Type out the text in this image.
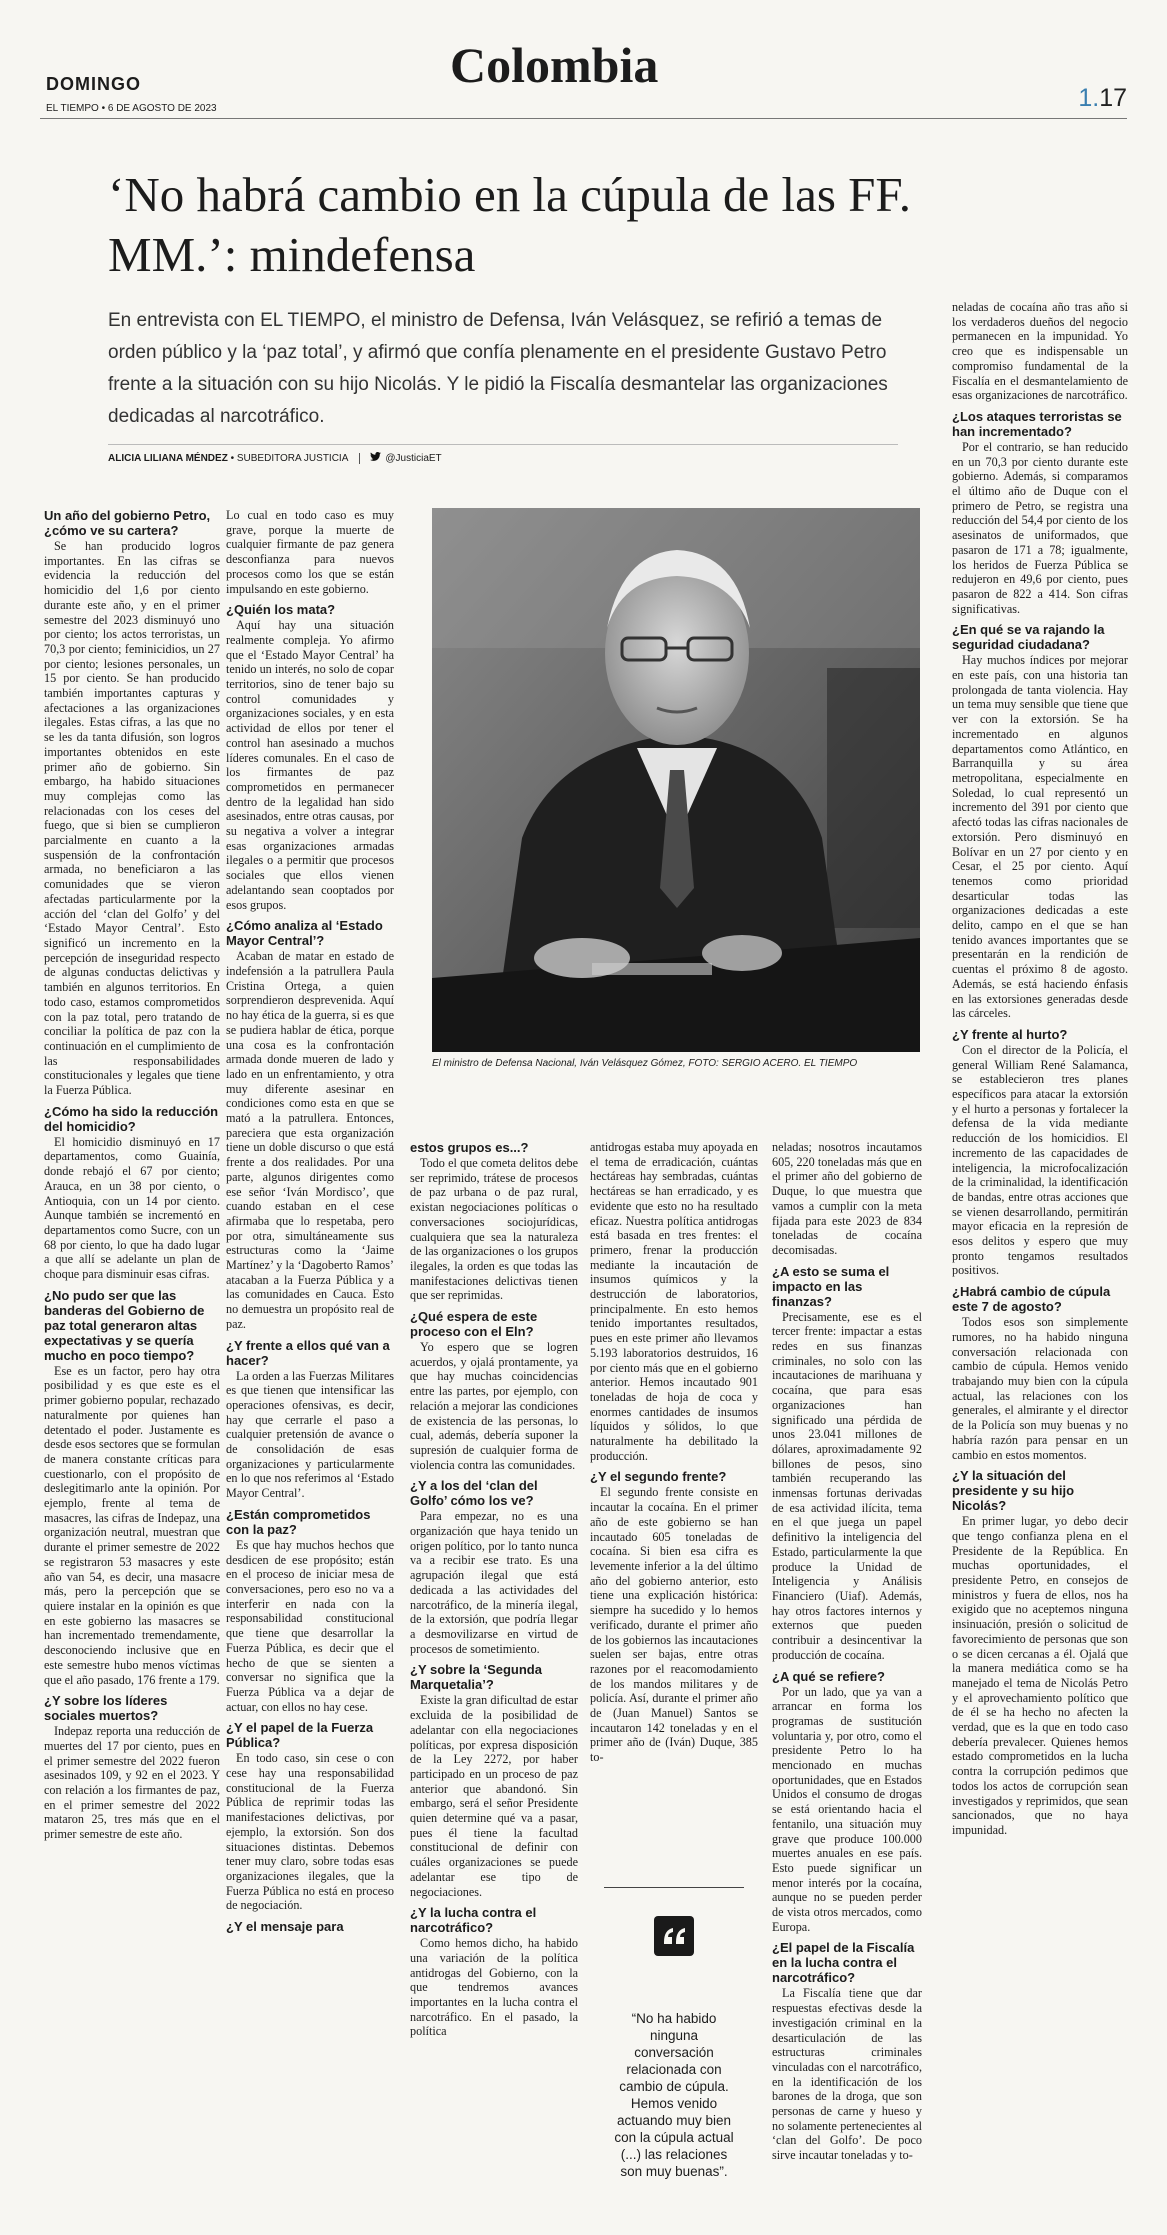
DOMINGO	Colombia
1.17
EL TIEMPO • 6 DE AGOSTO DE 2023
‘No habrá cambio en la cúpula de las FF. MM.’: mindefensa
En entrevista con EL TIEMPO, el ministro de Defensa, Iván Velásquez, se refirió a temas de orden público y la ‘paz total’, y afirmó que confía plenamente en el presidente Gustavo Petro frente a la situación con su hijo Nicolás. Y le pidió la Fiscalía desmantelar las organizaciones dedicadas al narcotráfico.
ALICIA LILIANA MÉNDEZ • SUBEDITORA JUSTICIA	@JusticiaET
El ministro de Defensa Nacional, Iván Velásquez Gómez, FOTO: SERGIO ACERO. EL TIEMPO
Un año del gobierno Petro, ¿cómo ve su cartera?

Se han producido logros importantes. En las cifras se evidencia la reducción del homicidio del 1,6 por ciento durante este año, y en el primer semestre del 2023 disminuyó uno por ciento; los actos terroristas, un 70,3 por ciento; feminicidios, un 27 por ciento; lesiones personales, un 15 por ciento. Se han producido también importantes capturas y afectaciones a las organizaciones ilegales. Estas cifras, a las que no se les da tanta difusión, son logros importantes obtenidos en este primer año de gobierno. Sin embargo, ha habido situaciones muy complejas como las relacionadas con los ceses del fuego, que si bien se cumplieron parcialmente en cuanto a la suspensión de la confrontación armada, no beneficiaron a las comunidades que se vieron afectadas particularmente por la acción del ‘clan del Golfo’ y del ‘Estado Mayor Central’. Esto significó un incremento en la percepción de inseguridad respecto de algunas conductas delictivas y también en algunos territorios. En todo caso, estamos comprometidos con la paz total, pero tratando de conciliar la política de paz con la continuación en el cumplimiento de las responsabilidades constitucionales y legales que tiene la Fuerza Pública.

¿Cómo ha sido la reducción del homicidio?

El homicidio disminuyó en 17 departamentos, como Guainía, donde rebajó el 67 por ciento; Arauca, en un 38 por ciento, o Antioquia, con un 14 por ciento. Aunque también se incrementó en departamentos como Sucre, con un 68 por ciento, lo que ha dado lugar a que allí se adelante un plan de choque para disminuir esas cifras.

¿No pudo ser que las banderas del Gobierno de paz total generaron altas expectativas y se quería mucho en poco tiempo?

Ese es un factor, pero hay otra posibilidad y es que este es el primer gobierno popular, rechazado naturalmente por quienes han detentado el poder. Justamente es desde esos sectores que se formulan de manera constante críticas para cuestionarlo, con el propósito de deslegitimarlo ante la opinión. Por ejemplo, frente al tema de masacres, las cifras de Indepaz, una organización neutral, muestran que durante el primer semestre de 2022 se registraron 53 masacres y este año van 54, es decir, una masacre más, pero la percepción que se quiere instalar en la opinión es que en este gobierno las masacres se han incrementado tremendamente, desconociendo inclusive que en este semestre hubo menos víctimas que el año pasado, 176 frente a 179.

¿Y sobre los líderes sociales muertos?

Indepaz reporta una reducción de muertes del 17 por ciento, pues en el primer semestre del 2022 fueron asesinados 109, y 92 en el 2023. Y con relación a los firmantes de paz, en el primer semestre del 2022 mataron 25, tres más que en el primer semestre de este año.

Lo cual en todo caso es muy grave, porque la muerte de cualquier firmante de paz genera desconfianza para nuevos procesos como los que se están impulsando en este gobierno.

¿Quién los mata?

Aquí hay una situación realmente compleja. Yo afirmo que el ‘Estado Mayor Central’ ha tenido un interés, no solo de copar territorios, sino de tener bajo su control comunidades y organizaciones sociales, y en esta actividad de ellos por tener el control han asesinado a muchos líderes comunales. En el caso de los firmantes de paz comprometidos en permanecer dentro de la legalidad han sido asesinados, entre otras causas, por su negativa a volver a integrar esas organizaciones armadas ilegales o a permitir que procesos sociales que ellos vienen adelantando sean cooptados por esos grupos.

¿Cómo analiza al ‘Estado Mayor Central’?

Acaban de matar en estado de indefensión a la patrullera Paula Cristina Ortega, a quien sorprendieron desprevenida. Aquí no hay ética de la guerra, si es que se pudiera hablar de ética, porque una cosa es la confrontación armada donde mueren de lado y lado en un enfrentamiento, y otra muy diferente asesinar en condiciones como esta en que se mató a la patrullera. Entonces, pareciera que esta organización tiene un doble discurso o que está frente a dos realidades. Por una parte, algunos dirigentes como ese señor ‘Iván Mordisco’, que cuando estaban en el cese afirmaba que lo respetaba, pero por otra, simultáneamente sus estructuras como la ‘Jaime Martínez’ y la ‘Dagoberto Ramos’ atacaban a la Fuerza Pública y a las comunidades en Cauca. Esto no demuestra un propósito real de paz.

¿Y frente a ellos qué van a hacer?

La orden a las Fuerzas Militares es que tienen que intensificar las operaciones ofensivas, es decir, hay que cerrarle el paso a cualquier pretensión de avance o de consolidación de esas organizaciones y particularmente en lo que nos referimos al ‘Estado Mayor Central’.

¿Están comprometidos con la paz?

Es que hay muchos hechos que desdicen de ese propósito; están en el proceso de iniciar mesa de conversaciones, pero eso no va a interferir en nada con la responsabilidad constitucional que tiene que desarrollar la Fuerza Pública, es decir que el hecho de que se sienten a conversar no significa que la Fuerza Pública va a dejar de actuar, con ellos no hay cese.

¿Y el papel de la Fuerza Pública?

En todo caso, sin cese o con cese hay una responsabilidad constitucional de la Fuerza Pública de reprimir todas las manifestaciones delictivas, por ejemplo, la extorsión. Son dos situaciones distintas. Debemos tener muy claro, sobre todas esas organizaciones ilegales, que la Fuerza Pública no está en proceso de negociación.

¿Y el mensaje para
estos grupos es...?

Todo el que cometa delitos debe ser reprimido, trátese de procesos de paz urbana o de paz rural, existan negociaciones políticas o conversaciones sociojurídicas, cualquiera que sea la naturaleza de las organizaciones o los grupos ilegales, la orden es que todas las manifestaciones delictivas tienen que ser reprimidas.

¿Qué espera de este proceso con el Eln?

Yo espero que se logren acuerdos, y ojalá prontamente, ya que hay muchas coincidencias entre las partes, por ejemplo, con relación a mejorar las condiciones de existencia de las personas, lo cual, además, debería suponer la supresión de cualquier forma de violencia contra las comunidades.

¿Y a los del ‘clan del Golfo’ cómo los ve?

Para empezar, no es una organización que haya tenido un origen político, por lo tanto nunca va a recibir ese trato. Es una agrupación ilegal que está dedicada a las actividades del narcotráfico, de la minería ilegal, de la extorsión, que podría llegar a desmovilizarse en virtud de procesos de sometimiento.

¿Y sobre la ‘Segunda Marquetalia’?

Existe la gran dificultad de estar excluida de la posibilidad de adelantar con ella negociaciones políticas, por expresa disposición de la Ley 2272, por haber participado en un proceso de paz anterior que abandonó. Sin embargo, será el señor Presidente quien determine qué va a pasar, pues él tiene la facultad constitucional de definir con cuáles organizaciones se puede adelantar ese tipo de negociaciones.

¿Y la lucha contra el narcotráfico?

Como hemos dicho, ha habido una variación de la política antidrogas del Gobierno, con la que tendremos avances importantes en la lucha contra el narcotráfico. En el pasado, la política

antidrogas estaba muy apoyada en el tema de erradicación, cuántas hectáreas hay sembradas, cuántas hectáreas se han erradicado, y es evidente que esto no ha resultado eficaz. Nuestra política antidrogas está basada en tres frentes: el primero, frenar la producción mediante la incautación de insumos químicos y la destrucción de laboratorios, principalmente. En esto hemos tenido importantes resultados, pues en este primer año llevamos 5.193 laboratorios destruidos, 16 por ciento más que en el gobierno anterior. Hemos incautado 901 toneladas de hoja de coca y enormes cantidades de insumos líquidos y sólidos, lo que naturalmente ha debilitado la producción.

¿Y el segundo frente?

El segundo frente consiste en incautar la cocaína. En el primer año de este gobierno se han incautado 605 toneladas de cocaína. Si bien esa cifra es levemente inferior a la del último año del gobierno anterior, esto tiene una explicación histórica: siempre ha sucedido y lo hemos verificado, durante el primer año de los gobiernos las incautaciones suelen ser bajas, entre otras razones por el reacomodamiento de los mandos militares y de policía. Así, durante el primer año de (Juan Manuel) Santos se incautaron 142 toneladas y en el primer año de (Iván) Duque, 385 to-

“No ha habido ninguna conversación relacionada con cambio de cúpula. Hemos venido actuando muy bien con la cúpula actual (...) las relaciones son muy buenas”.

neladas; nosotros incautamos 605, 220 toneladas más que en el primer año del gobierno de Duque, lo que muestra que vamos a cumplir con la meta fijada para este 2023 de 834 toneladas de cocaína decomisadas.

¿A esto se suma el impacto en las finanzas?

Precisamente, ese es el tercer frente: impactar a estas redes en sus finanzas criminales, no solo con las incautaciones de marihuana y cocaína, que para esas organizaciones han significado una pérdida de unos 23.041 millones de dólares, aproximadamente 92 billones de pesos, sino también recuperando las inmensas fortunas derivadas de esa actividad ilícita, tema en el que juega un papel definitivo la inteligencia del Estado, particularmente la que produce la Unidad de Inteligencia y Análisis Financiero (Uiaf). Además, hay otros factores internos y externos que pueden contribuir a desincentivar la producción de cocaína.

¿A qué se refiere?

Por un lado, que ya van a arrancar en forma los programas de sustitución voluntaria y, por otro, como el presidente Petro lo ha mencionado en muchas oportunidades, que en Estados Unidos el consumo de drogas se está orientando hacia el fentanilo, una situación muy grave que produce 100.000 muertes anuales en ese país. Esto puede significar un menor interés por la cocaína, aunque no se pueden perder de vista otros mercados, como Europa.

¿El papel de la Fiscalía en la lucha contra el narcotráfico?

La Fiscalía tiene que dar respuestas efectivas desde la investigación criminal en la desarticulación de las estructuras criminales vinculadas con el narcotráfico, en la identificación de los barones de la droga, que son personas de carne y hueso y no solamente pertenecientes al ‘clan del Golfo’. De poco sirve incautar toneladas y to-

neladas de cocaína año tras año si los verdaderos dueños del negocio permanecen en la impunidad. Yo creo que es indispensable un compromiso fundamental de la Fiscalía en el desmantelamiento de esas organizaciones de narcotráfico.

¿Los ataques terroristas se han incrementado?

Por el contrario, se han reducido en un 70,3 por ciento durante este gobierno. Además, si comparamos el último año de Duque con el primero de Petro, se registra una reducción del 54,4 por ciento de los asesinatos de uniformados, que pasaron de 171 a 78; igualmente, los heridos de Fuerza Pública se redujeron en 49,6 por ciento, pues pasaron de 822 a 414. Son cifras significativas.

¿En qué se va rajando la seguridad ciudadana?

Hay muchos índices por mejorar en este país, con una historia tan prolongada de tanta violencia. Hay un tema muy sensible que tiene que ver con la extorsión. Se ha incrementado en algunos departamentos como Atlántico, en Barranquilla y su área metropolitana, especialmente en Soledad, lo cual representó un incremento del 391 por ciento que afectó todas las cifras nacionales de extorsión. Pero disminuyó en Bolívar en un 27 por ciento y en Cesar, el 25 por ciento. Aquí tenemos como prioridad desarticular todas las organizaciones dedicadas a este delito, campo en el que se han tenido avances importantes que se presentarán en la rendición de cuentas el próximo 8 de agosto. Además, se está haciendo énfasis en las extorsiones generadas desde las cárceles.

¿Y frente al hurto?

Con el director de la Policía, el general William René Salamanca, se establecieron tres planes específicos para atacar la extorsión y el hurto a personas y fortalecer la defensa de la vida mediante reducción de los homicidios. El incremento de las capacidades de inteligencia, la microfocalización de la criminalidad, la identificación de bandas, entre otras acciones que se vienen desarrollando, permitirán mayor eficacia en la represión de esos delitos y espero que muy pronto tengamos resultados positivos.

¿Habrá cambio de cúpula este 7 de agosto?

Todos esos son simplemente rumores, no ha habido ninguna conversación relacionada con cambio de cúpula. Hemos venido trabajando muy bien con la cúpula actual, las relaciones con los generales, el almirante y el director de la Policía son muy buenas y no habría razón para pensar en un cambio en estos momentos.

¿Y la situación del presidente y su hijo Nicolás?

En primer lugar, yo debo decir que tengo confianza plena en el Presidente de la República. En muchas oportunidades, el presidente Petro, en consejos de ministros y fuera de ellos, nos ha exigido que no aceptemos ninguna insinuación, presión o solicitud de favorecimiento de personas que son o se dicen cercanas a él. Ojalá que la manera mediática como se ha manejado el tema de Nicolás Petro y el aprovechamiento político que de él se ha hecho no afecten la verdad, que es la que en todo caso debería prevalecer. Quienes hemos estado comprometidos en la lucha contra la corrupción pedimos que todos los actos de corrupción sean investigados y reprimidos, que sean sancionados, que no haya impunidad.
